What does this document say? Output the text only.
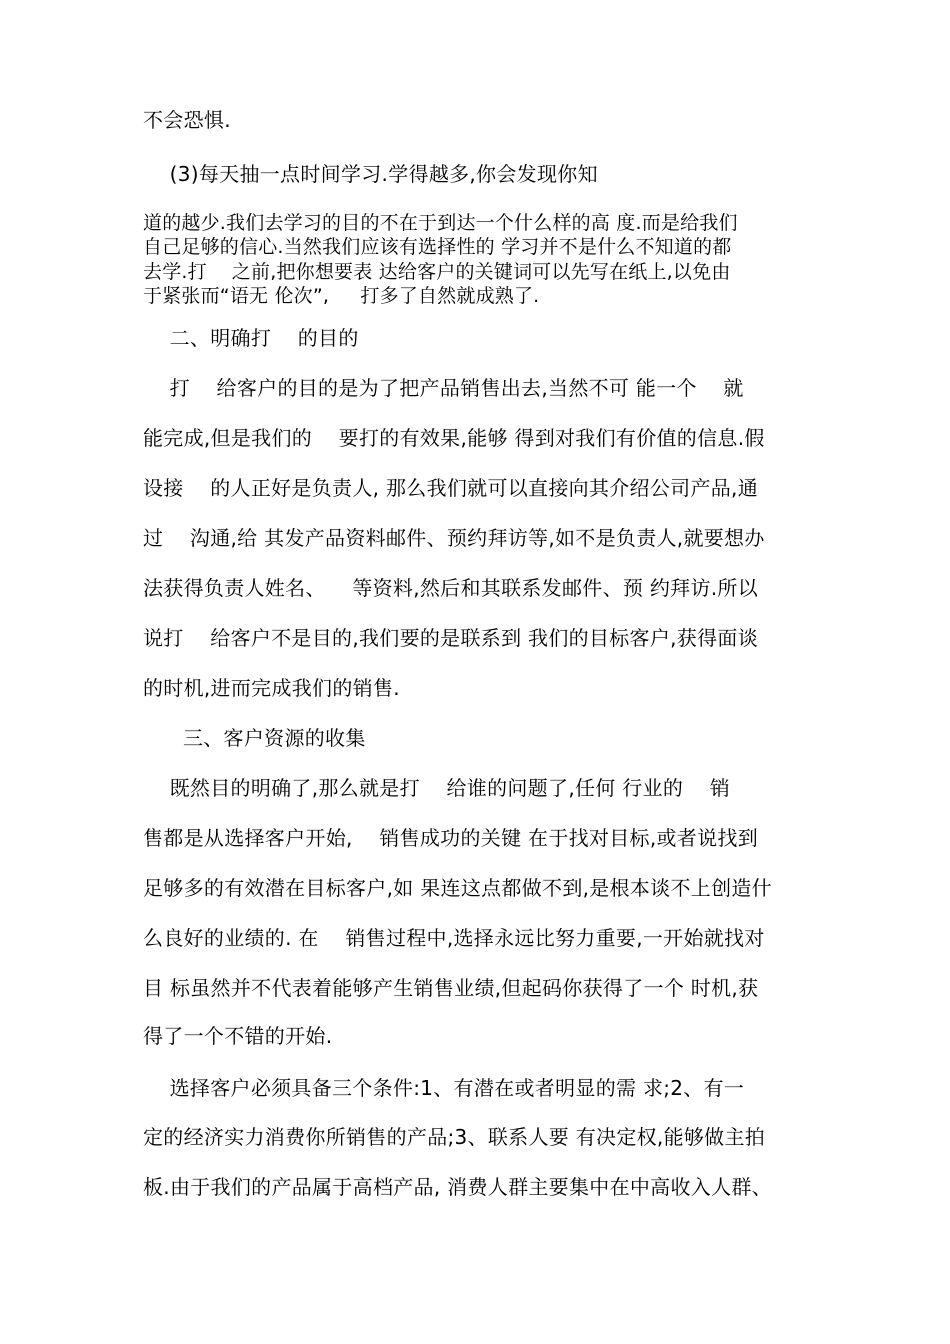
不会恐惧.
(3)每天抽一点时间学习.学得越多,你会发现你知
道的越少.我们去学习的目的不在于到达一个什么样的高 度.而是给我们
自己足够的信心.当然我们应该有选择性的 学习并不是什么不知道的都
去学.打    之前,把你想要表 达给客户的关键词可以先写在纸上,以免由
于紧张而“语无 伦次”,     打多了自然就成熟了.
二、明确打    的目的
打    给客户的目的是为了把产品销售出去,当然不可 能一个    就
能完成,但是我们的    要打的有效果,能够 得到对我们有价值的信息.假
设接    的人正好是负责人, 那么我们就可以直接向其介绍公司产品,通
过    沟通,给 其发产品资料邮件、预约拜访等,如不是负责人,就要想办
法获得负责人姓名、    等资料,然后和其联系发邮件、预 约拜访.所以
说打    给客户不是目的,我们要的是联系到 我们的目标客户,获得面谈
的时机,进而完成我们的销售.
三、客户资源的收集
既然目的明确了,那么就是打    给谁的问题了,任何 行业的    销
售都是从选择客户开始,    销售成功的关键 在于找对目标,或者说找到
足够多的有效潜在目标客户,如 果连这点都做不到,是根本谈不上创造什
么良好的业绩的. 在    销售过程中,选择永远比努力重要,一开始就找对
目 标虽然并不代表着能够产生销售业绩,但起码你获得了一个 时机,获
得了一个不错的开始.
选择客户必须具备三个条件:1、有潜在或者明显的需 求;2、有一
定的经济实力消费你所销售的产品;3、联系人要 有决定权,能够做主拍
板.由于我们的产品属于高档产品, 消费人群主要集中在中高收入人群、
